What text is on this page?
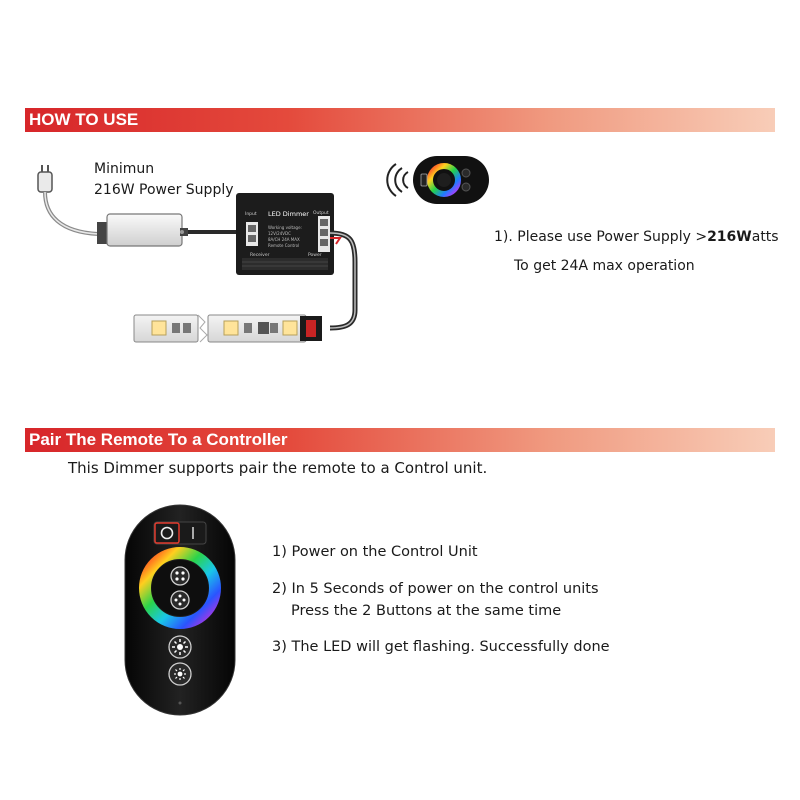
HOW TO USE
Minimun
216W Power Supply
LED Dimmer
Input	Output
Working voltage:
12V/24VDC
8A/CH 24A MAX
Remote Control
Receiver	Power
1). Please use Power Supply >216Watts
To get 24A max operation
Pair The Remote To a Controller
This Dimmer supports pair the remote to a Control unit.
1) Power on the Control Unit
2) In 5 Seconds of power on the control units
Press the 2 Buttons at the same time
3) The LED will get flashing. Successfully done
